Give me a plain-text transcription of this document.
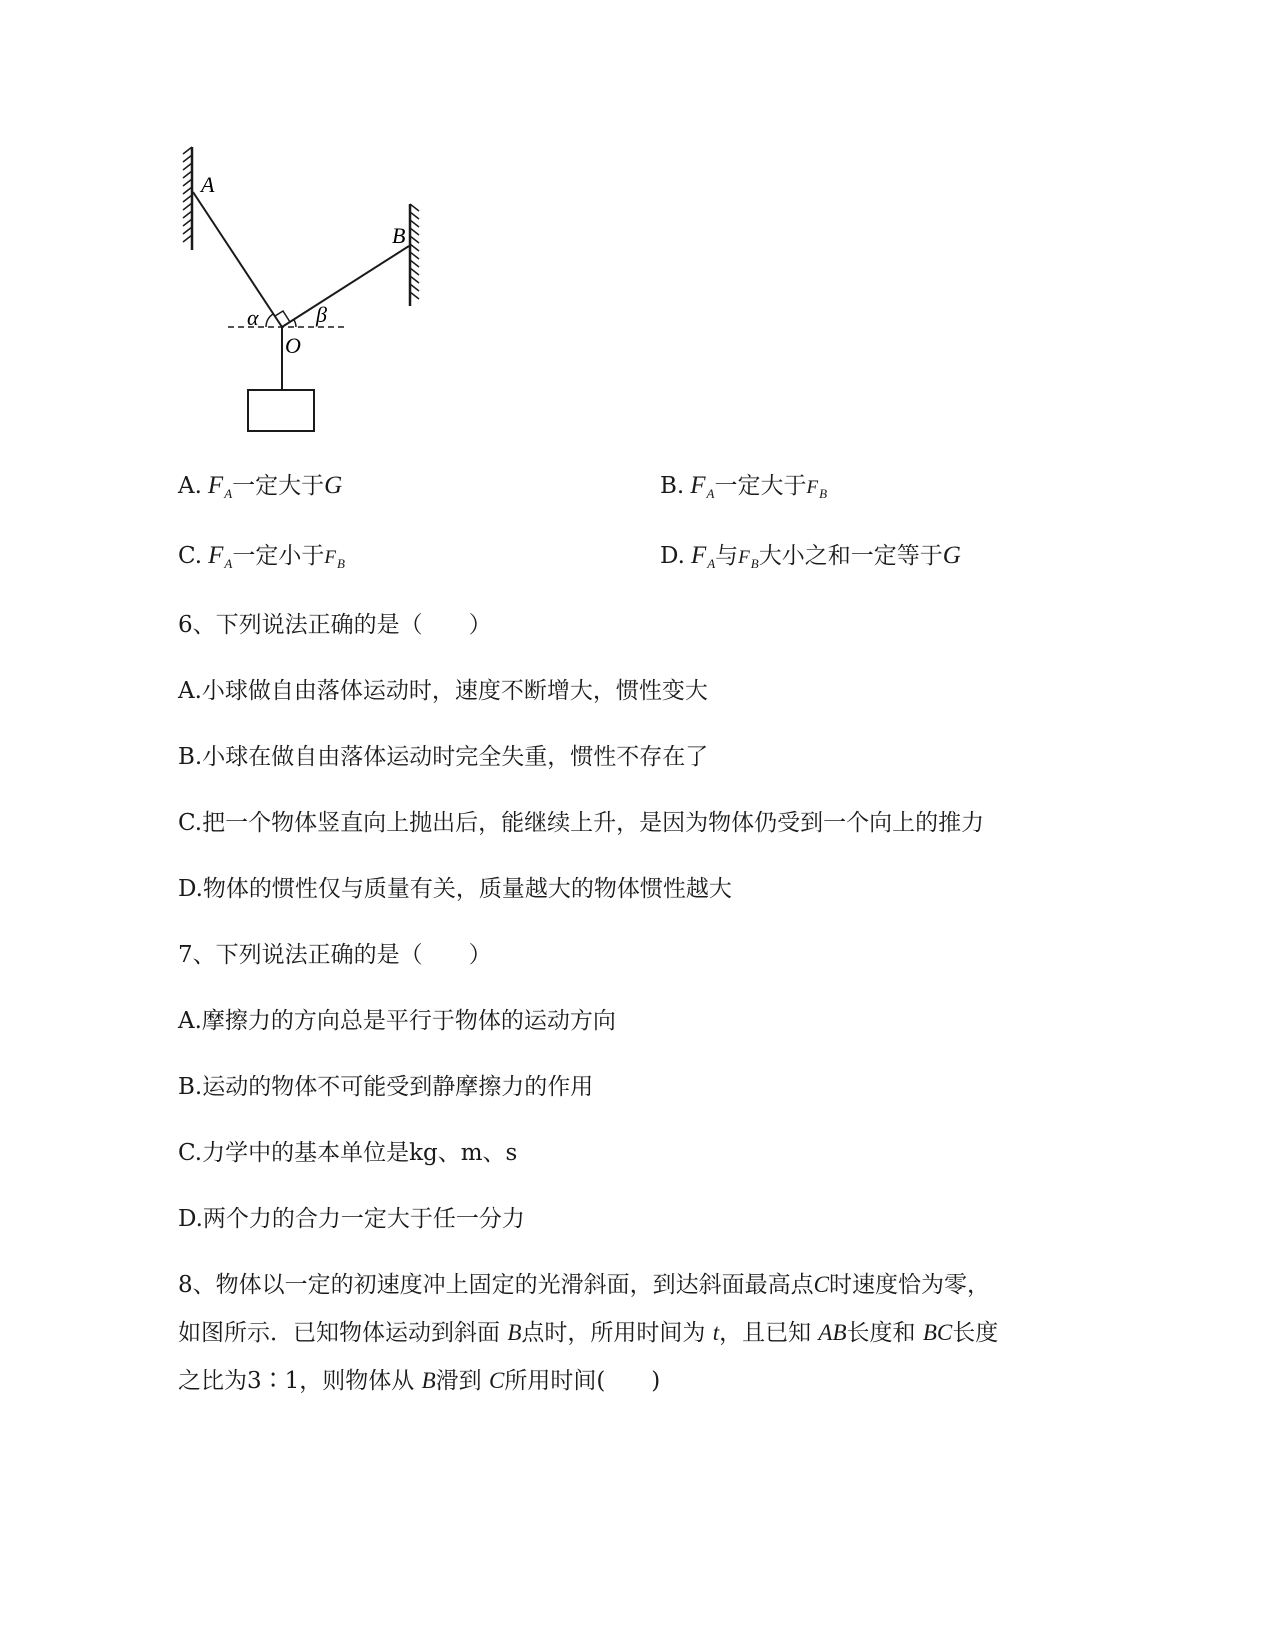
A
B
O
α	β
A. $F_A$一定大于G	B. $F_A$一定大于$F_B$
C. $F_A$一定小于$F_B$	D. $F_A$与$F_B$大小之和一定等于G
6、下列说法正确的是（　　）
A.小球做自由落体运动时，速度不断增大，惯性变大
B.小球在做自由落体运动时完全失重，惯性不存在了
C.把一个物体竖直向上抛出后，能继续上升，是因为物体仍受到一个向上的推力
D.物体的惯性仅与质量有关，质量越大的物体惯性越大
7、下列说法正确的是（　　）
A.摩擦力的方向总是平行于物体的运动方向
B.运动的物体不可能受到静摩擦力的作用
C.力学中的基本单位是kg、m、s
D.两个力的合力一定大于任一分力
8、物体以一定的初速度冲上固定的光滑斜面，到达斜面最高点C时速度恰为零，
如图所示．已知物体运动到斜面 B点时，所用时间为 t，且已知 AB长度和 BC长度
之比为3∶1，则物体从 B滑到 C所用时间(　　)
